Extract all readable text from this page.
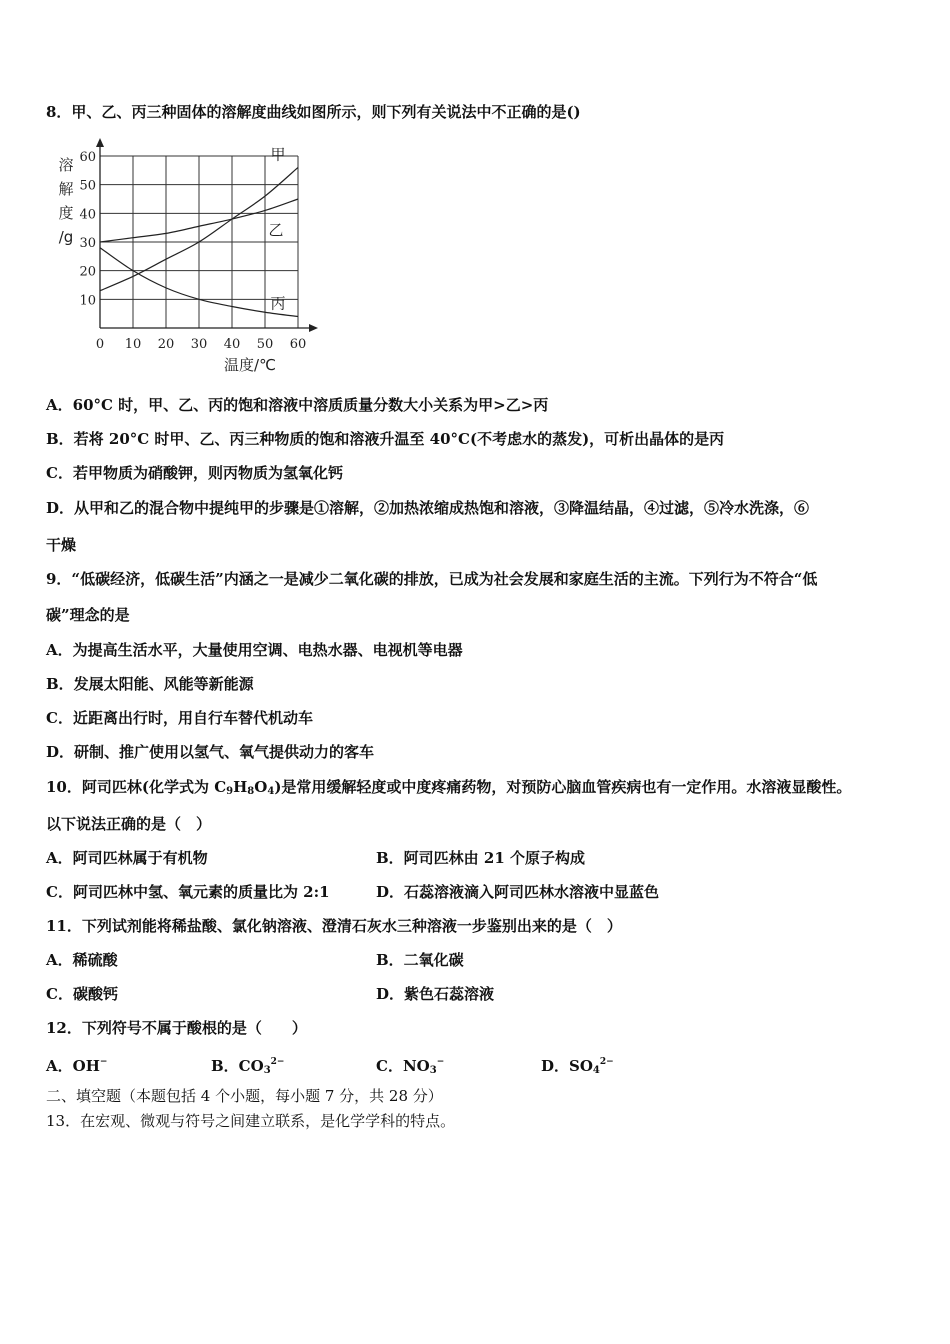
8．甲、乙、丙三种固体的溶解度曲线如图所示，则下列有关说法中不正确的是()
0 10 20 30 40 50 60
10
20
30
40
50
60
溶
解
度
/g
温度/℃
甲
乙
丙
A．60°C 时，甲、乙、丙的饱和溶液中溶质质量分数大小关系为甲>乙>丙
B．若将 20°C 时甲、乙、丙三种物质的饱和溶液升温至 40°C(不考虑水的蒸发)，可析出晶体的是丙
C．若甲物质为硝酸钾，则丙物质为氢氧化钙
D．从甲和乙的混合物中提纯甲的步骤是①溶解，②加热浓缩成热饱和溶液，③降温结晶，④过滤，⑤冷水洗涤，⑥
干燥
9．“低碳经济，低碳生活”内涵之一是减少二氧化碳的排放，已成为社会发展和家庭生活的主流。下列行为不符合“低
碳”理念的是
A．为提高生活水平，大量使用空调、电热水器、电视机等电器
B．发展太阳能、风能等新能源
C．近距离出行时，用自行车替代机动车
D．研制、推广使用以氢气、氧气提供动力的客车
10．阿司匹林(化学式为 $C_9H_8O_4$)是常用缓解轻度或中度疼痛药物，对预防心脑血管疾病也有一定作用。水溶液显酸性。
以下说法正确的是（　）
A．阿司匹林属于有机物	B．阿司匹林由 21 个原子构成
C．阿司匹林中氢、氧元素的质量比为 2:1	D．石蕊溶液滴入阿司匹林水溶液中显蓝色
11．下列试剂能将稀盐酸、氯化钠溶液、澄清石灰水三种溶液一步鉴别出来的是（　）
A．稀硫酸	B．二氧化碳
C．碳酸钙	D．紫色石蕊溶液
12．下列符号不属于酸根的是（　　）
A．OH−	B．$CO_3^{2-}$	C．$NO_3^-$	D．$SO_4^{2-}$
二、填空题（本题包括 4 个小题，每小题 7 分，共 28 分）
13．在宏观、微观与符号之间建立联系，是化学学科的特点。
